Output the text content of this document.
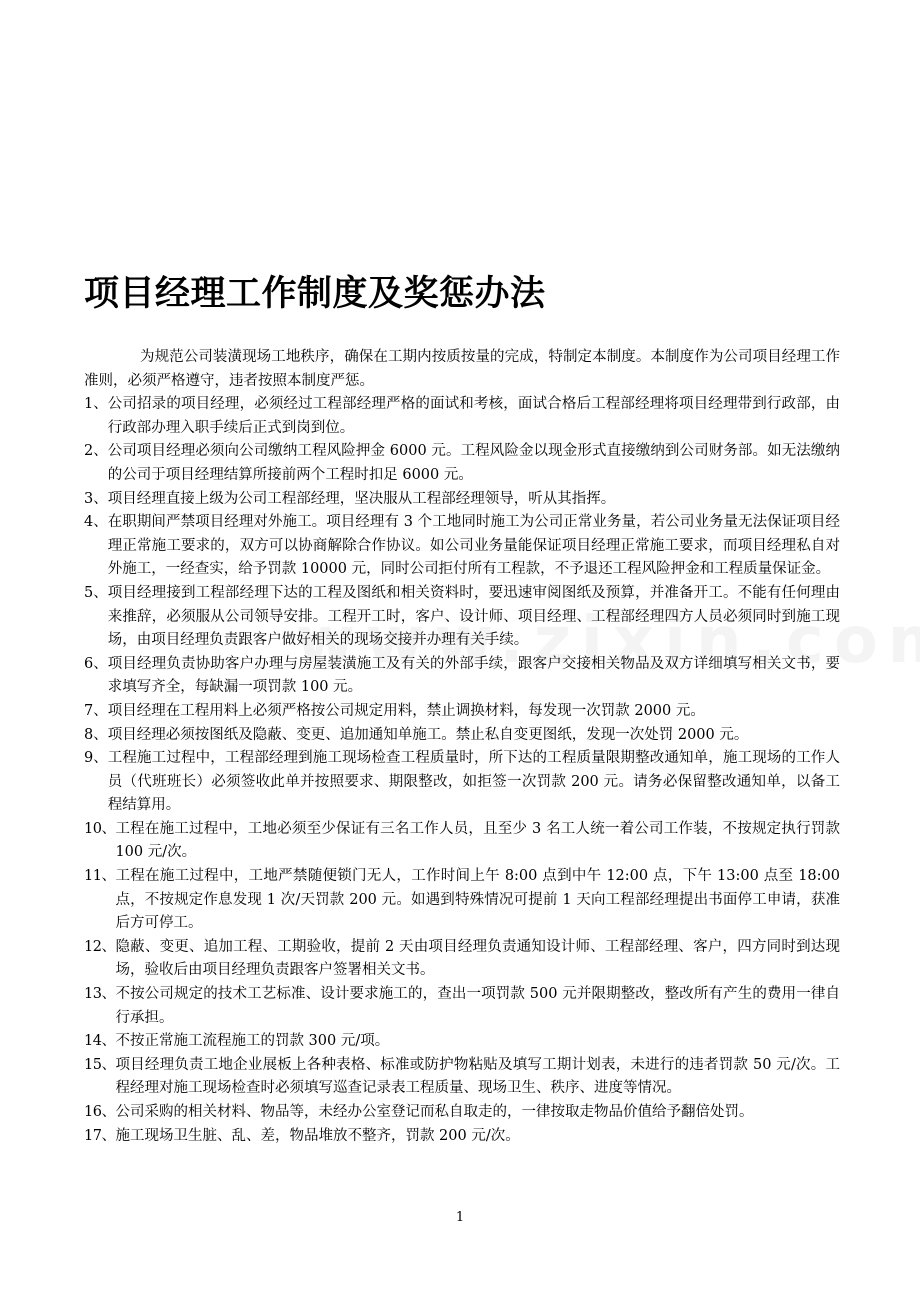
项目经理工作制度及奖惩办法

为规范公司装潢现场工地秩序，确保在工期内按质按量的完成，特制定本制度。本制度作为公司项目经理工作准则，必须严格遵守，违者按照本制度严惩。

1、 公司招录的项目经理，必须经过工程部经理严格的面试和考核，面试合格后工程部经理将项目经理带到行政部，由行政部办理入职手续后正式到岗到位。
2、 公司项目经理必须向公司缴纳工程风险押金 6000 元。工程风险金以现金形式直接缴纳到公司财务部。如无法缴纳的公司于项目经理结算所接前两个工程时扣足 6000 元。
3、 项目经理直接上级为公司工程部经理，坚决服从工程部经理领导，听从其指挥。
4、 在职期间严禁项目经理对外施工。项目经理有 3 个工地同时施工为公司正常业务量，若公司业务量无法保证项目经理正常施工要求的，双方可以协商解除合作协议。如公司业务量能保证项目经理正常施工要求，而项目经理私自对外施工，一经查实，给予罚款 10000 元，同时公司拒付所有工程款，不予退还工程风险押金和工程质量保证金。
5、 项目经理接到工程部经理下达的工程及图纸和相关资料时，要迅速审阅图纸及预算，并准备开工。不能有任何理由来推辞，必须服从公司领导安排。工程开工时，客户、设计师、项目经理、工程部经理四方人员必须同时到施工现场，由项目经理负责跟客户做好相关的现场交接并办理有关手续。
6、 项目经理负责协助客户办理与房屋装潢施工及有关的外部手续，跟客户交接相关物品及双方详细填写相关文书，要求填写齐全，每缺漏一项罚款 100 元。
7、 项目经理在工程用料上必须严格按公司规定用料，禁止调换材料，每发现一次罚款 2000 元。
8、 项目经理必须按图纸及隐蔽、变更、追加通知单施工。禁止私自变更图纸，发现一次处罚 2000 元。
9、 工程施工过程中，工程部经理到施工现场检查工程质量时，所下达的工程质量限期整改通知单，施工现场的工作人员（代班班长）必须签收此单并按照要求、期限整改，如拒签一次罚款 200 元。请务必保留整改通知单，以备工程结算用。
10、 工程在施工过程中，工地必须至少保证有三名工作人员，且至少 3 名工人统一着公司工作装，不按规定执行罚款 100 元/次。
11、 工程在施工过程中，工地严禁随便锁门无人，工作时间上午 8:00 点到中午 12:00 点，下午 13:00 点至 18:00 点，不按规定作息发现 1 次/天罚款 200 元。如遇到特殊情况可提前 1 天向工程部经理提出书面停工申请，获准后方可停工。
12、 隐蔽、变更、追加工程、工期验收，提前 2 天由项目经理负责通知设计师、工程部经理、客户，四方同时到达现场，验收后由项目经理负责跟客户签署相关文书。
13、 不按公司规定的技术工艺标准、设计要求施工的，查出一项罚款 500 元并限期整改，整改所有产生的费用一律自行承担。
14、 不按正常施工流程施工的罚款 300 元/项。
15、 项目经理负责工地企业展板上各种表格、标准或防护物粘贴及填写工期计划表，未进行的违者罚款 50 元/次。工程经理对施工现场检查时必须填写巡查记录表工程质量、现场卫生、秩序、进度等情况。
16、 公司采购的相关材料、物品等，未经办公室登记而私自取走的，一律按取走物品价值给予翻倍处罚。
17、 施工现场卫生脏、乱、差，物品堆放不整齐，罚款 200 元/次。
1
